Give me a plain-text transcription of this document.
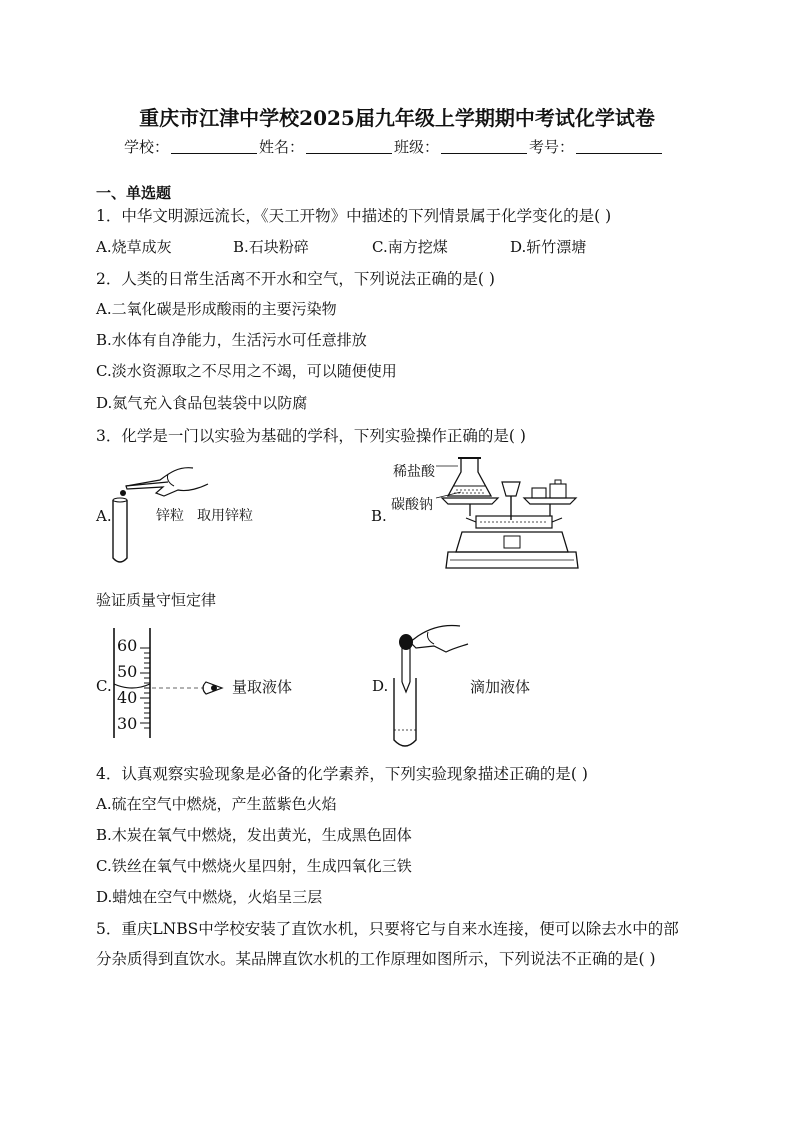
重庆市江津中学校2025届九年级上学期期中考试化学试卷
学校：	姓名：	班级：	考号：
一、单选题
1．中华文明源远流长，《天工开物》中描述的下列情景属于化学变化的是( )
A.烧草成灰	B.石块粉碎	C.南方挖煤	D.斩竹漂塘
2．人类的日常生活离不开水和空气，下列说法正确的是( )
A.二氧化碳是形成酸雨的主要污染物
B.水体有自净能力，生活污水可任意排放
C.淡水资源取之不尽用之不竭，可以随便使用
D.氮气充入食品包装袋中以防腐
3．化学是一门以实验为基础的学科，下列实验操作正确的是( )
A.	锌粒 取用锌粒	B.
稀盐酸
碳酸钠
验证质量守恒定律
C.
60
50
40
30
量取液体	D.	滴加液体
4．认真观察实验现象是必备的化学素养，下列实验现象描述正确的是( )
A.硫在空气中燃烧，产生蓝紫色火焰
B.木炭在氧气中燃烧，发出黄光，生成黑色固体
C.铁丝在氧气中燃烧火星四射，生成四氧化三铁
D.蜡烛在空气中燃烧，火焰呈三层
5．重庆LNBS中学校安装了直饮水机，只要将它与自来水连接，便可以除去水中的部
分杂质得到直饮水。某品牌直饮水机的工作原理如图所示，下列说法不正确的是( )
